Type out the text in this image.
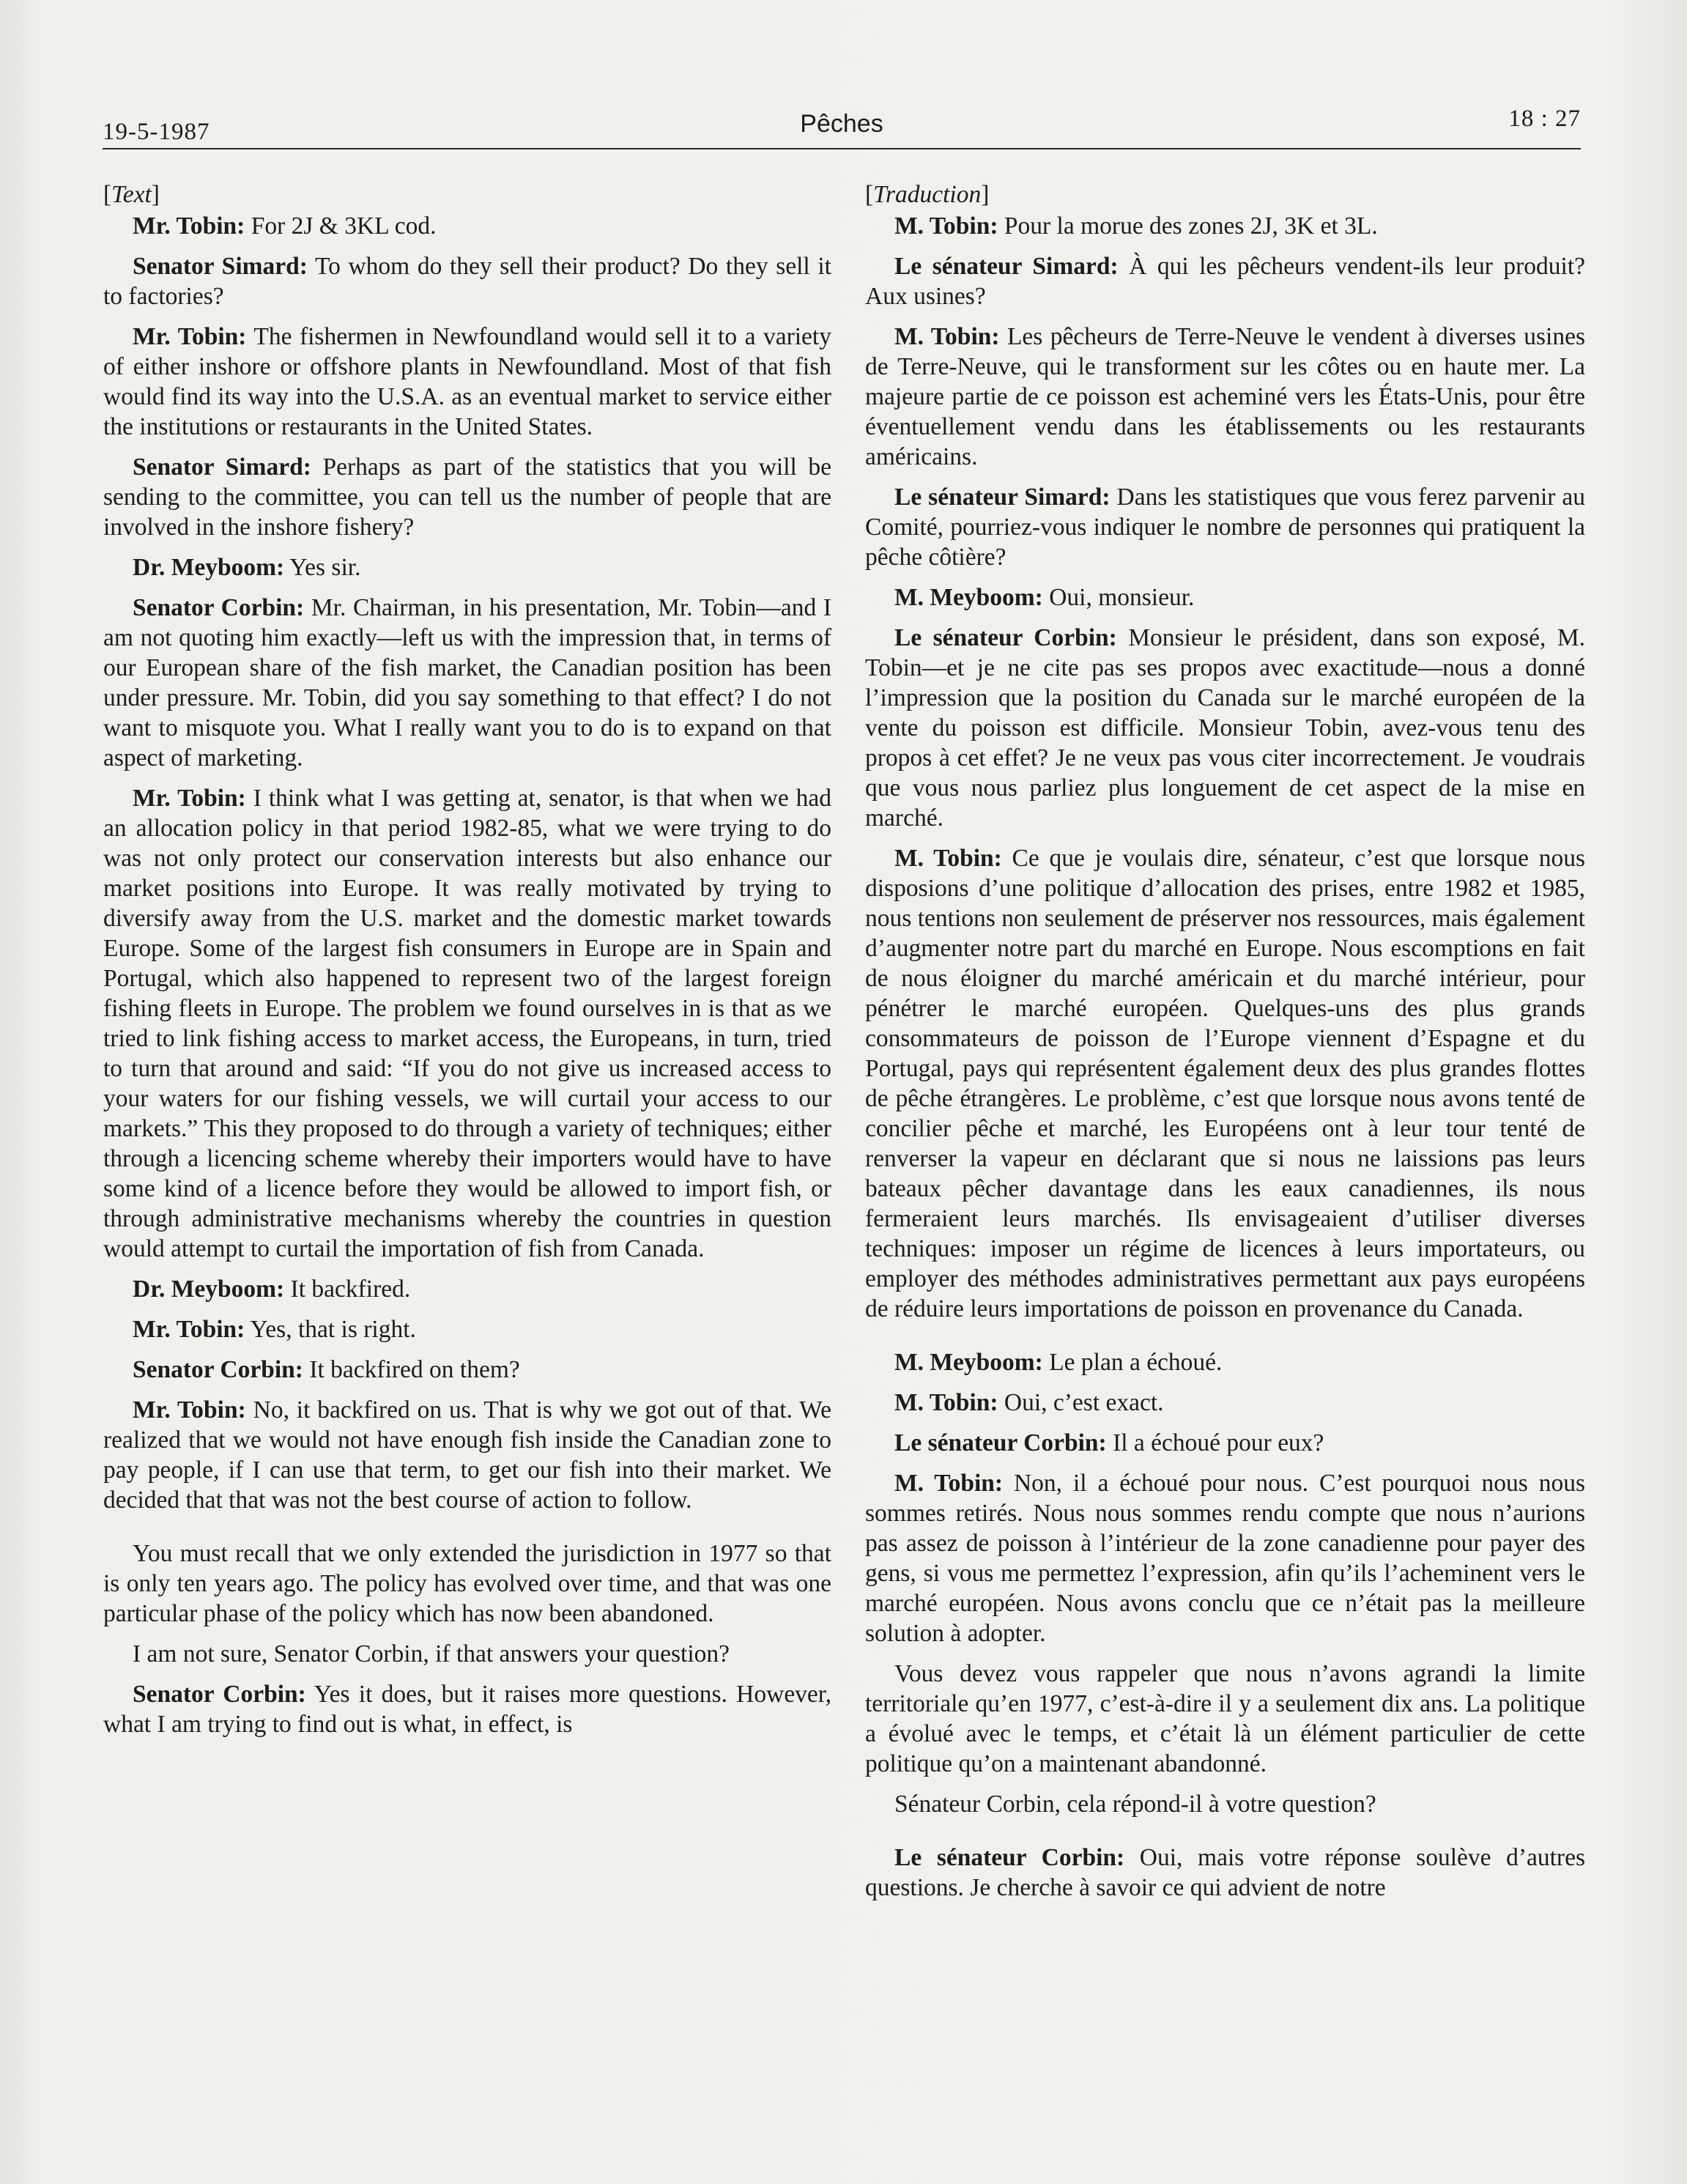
19-5-1987	Pêches	18 : 27

[Text]

Mr. Tobin: For 2J & 3KL cod.

Senator Simard: To whom do they sell their product? Do they sell it to factories?

Mr. Tobin: The fishermen in Newfoundland would sell it to a variety of either inshore or offshore plants in Newfoundland. Most of that fish would find its way into the U.S.A. as an eventual market to service either the institutions or restaurants in the United States.

Senator Simard: Perhaps as part of the statistics that you will be sending to the committee, you can tell us the number of people that are involved in the inshore fishery?

Dr. Meyboom: Yes sir.

Senator Corbin: Mr. Chairman, in his presentation, Mr. Tobin—and I am not quoting him exactly—left us with the impression that, in terms of our European share of the fish market, the Canadian position has been under pressure. Mr. Tobin, did you say something to that effect? I do not want to misquote you. What I really want you to do is to expand on that aspect of marketing.

Mr. Tobin: I think what I was getting at, senator, is that when we had an allocation policy in that period 1982-85, what we were trying to do was not only protect our conservation interests but also enhance our market positions into Europe. It was really motivated by trying to diversify away from the U.S. market and the domestic market towards Europe. Some of the largest fish consumers in Europe are in Spain and Portugal, which also happened to represent two of the largest foreign fishing fleets in Europe. The problem we found ourselves in is that as we tried to link fishing access to market access, the Europeans, in turn, tried to turn that around and said: “If you do not give us increased access to your waters for our fishing vessels, we will curtail your access to our markets.” This they proposed to do through a variety of techniques; either through a licencing scheme whereby their importers would have to have some kind of a licence before they would be allowed to import fish, or through administrative mechanisms whereby the countries in question would attempt to curtail the importation of fish from Canada.

Dr. Meyboom: It backfired.

Mr. Tobin: Yes, that is right.

Senator Corbin: It backfired on them?

Mr. Tobin: No, it backfired on us. That is why we got out of that. We realized that we would not have enough fish inside the Canadian zone to pay people, if I can use that term, to get our fish into their market. We decided that that was not the best course of action to follow.

You must recall that we only extended the jurisdiction in 1977 so that is only ten years ago. The policy has evolved over time, and that was one particular phase of the policy which has now been abandoned.

I am not sure, Senator Corbin, if that answers your question?

Senator Corbin: Yes it does, but it raises more questions. However, what I am trying to find out is what, in effect, is

[Traduction]

M. Tobin: Pour la morue des zones 2J, 3K et 3L.

Le sénateur Simard: À qui les pêcheurs vendent-ils leur produit? Aux usines?

M. Tobin: Les pêcheurs de Terre-Neuve le vendent à diverses usines de Terre-Neuve, qui le transforment sur les côtes ou en haute mer. La majeure partie de ce poisson est acheminé vers les États-Unis, pour être éventuellement vendu dans les établissements ou les restaurants américains.

Le sénateur Simard: Dans les statistiques que vous ferez parvenir au Comité, pourriez-vous indiquer le nombre de personnes qui pratiquent la pêche côtière?

M. Meyboom: Oui, monsieur.

Le sénateur Corbin: Monsieur le président, dans son exposé, M. Tobin—et je ne cite pas ses propos avec exactitude—nous a donné l’impression que la position du Canada sur le marché européen de la vente du poisson est difficile. Monsieur Tobin, avez-vous tenu des propos à cet effet? Je ne veux pas vous citer incorrectement. Je voudrais que vous nous parliez plus longuement de cet aspect de la mise en marché.

M. Tobin: Ce que je voulais dire, sénateur, c’est que lorsque nous disposions d’une politique d’allocation des prises, entre 1982 et 1985, nous tentions non seulement de préserver nos ressources, mais également d’augmenter notre part du marché en Europe. Nous escomptions en fait de nous éloigner du marché américain et du marché intérieur, pour pénétrer le marché européen. Quelques-uns des plus grands consommateurs de poisson de l’Europe viennent d’Espagne et du Portugal, pays qui représentent également deux des plus grandes flottes de pêche étrangères. Le problème, c’est que lorsque nous avons tenté de concilier pêche et marché, les Européens ont à leur tour tenté de renverser la vapeur en déclarant que si nous ne laissions pas leurs bateaux pêcher davantage dans les eaux canadiennes, ils nous fermeraient leurs marchés. Ils envisageaient d’utiliser diverses techniques: imposer un régime de licences à leurs importateurs, ou employer des méthodes administratives permettant aux pays européens de réduire leurs importations de poisson en provenance du Canada.

M. Meyboom: Le plan a échoué.

M. Tobin: Oui, c’est exact.

Le sénateur Corbin: Il a échoué pour eux?

M. Tobin: Non, il a échoué pour nous. C’est pourquoi nous nous sommes retirés. Nous nous sommes rendu compte que nous n’aurions pas assez de poisson à l’intérieur de la zone canadienne pour payer des gens, si vous me permettez l’expression, afin qu’ils l’acheminent vers le marché européen. Nous avons conclu que ce n’était pas la meilleure solution à adopter.

Vous devez vous rappeler que nous n’avons agrandi la limite territoriale qu’en 1977, c’est-à-dire il y a seulement dix ans. La politique a évolué avec le temps, et c’était là un élément particulier de cette politique qu’on a maintenant abandonné.

Sénateur Corbin, cela répond-il à votre question?

Le sénateur Corbin: Oui, mais votre réponse soulève d’autres questions. Je cherche à savoir ce qui advient de notre
